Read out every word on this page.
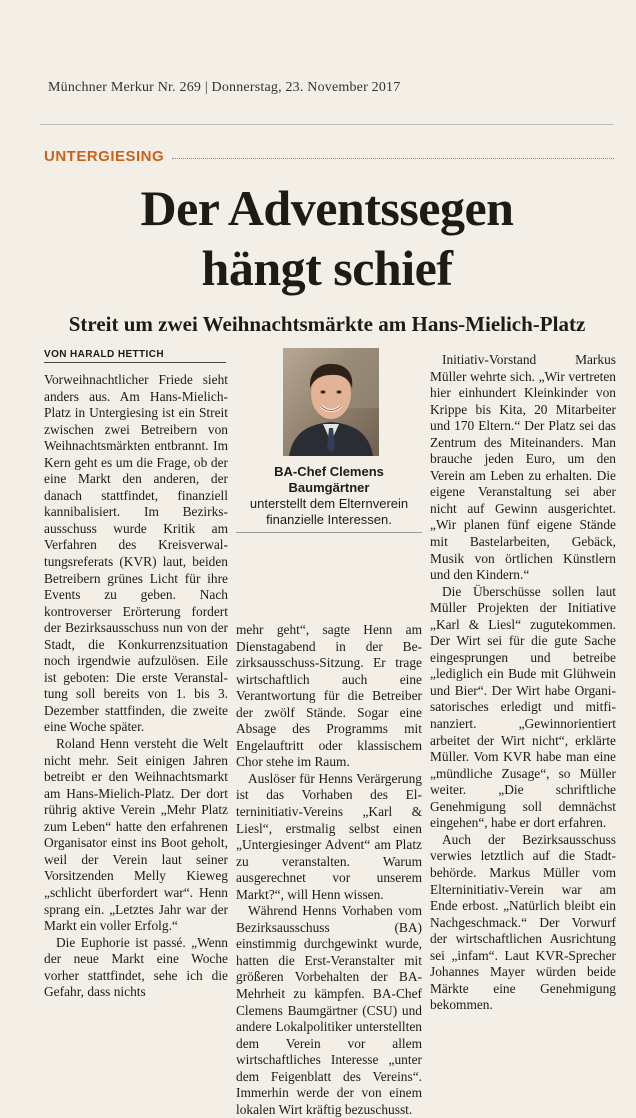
Münchner Merkur Nr. 269 | Donnerstag, 23. November 2017
UNTERGIESING
Der Adventssegen
hängt schief
Streit um zwei Weihnachtsmärkte am Hans-Mielich-Platz
VON HARALD HETTICH

Vorweihnachtlicher Friede sieht anders aus. Am Hans-Mielich-Platz in Untergiesing ist ein Streit zwischen zwei Betreibern von Weihnachtsmärkten entbrannt. Im Kern geht es um die Frage, ob der eine Markt den anderen, der danach stattfindet, finanziell kannibalisiert. Im Bezirksausschuss wurde Kritik am Verfahren des Kreisverwaltungsreferats (KVR) laut, beiden Betreibern grünes Licht für ihre Events zu geben. Nach kontroverser Erörterung fordert der Bezirksausschuss nun von der Stadt, die Konkurrenzsituation noch irgendwie aufzulösen. Eile ist geboten: Die erste Veranstaltung soll bereits von 1. bis 3. Dezember stattfinden, die zweite eine Woche später.

Roland Henn versteht die Welt nicht mehr. Seit einigen Jahren betreibt er den Weihnachtsmarkt am Hans-Mielich-Platz. Der dort rührig aktive Verein „Mehr Platz zum Leben“ hatte den erfahrenen Organisator einst ins Boot geholt, weil der Verein laut seiner Vorsitzenden Melly Kieweg „schlicht überfordert war“. Henn sprang ein. „Letztes Jahr war der Markt ein voller Erfolg.“

Die Euphorie ist passé. „Wenn der neue Markt eine Woche vorher stattfindet, sehe ich die Gefahr, dass nichts

BA-Chef Clemens Baumgärtner
unterstellt dem Elternverein finanzielle Interessen.

mehr geht“, sagte Henn am Dienstagabend in der Bezirksausschuss-Sitzung. Er trage wirtschaftlich auch eine Verantwortung für die Betreiber der zwölf Stände. Sogar eine Absage des Programms mit Engelauftritt oder klassischem Chor stehe im Raum.

Auslöser für Henns Verärgerung ist das Vorhaben des Elterninitiativ-Vereins „Karl & Liesl“, erstmalig selbst einen „Untergiesinger Advent“ am Platz zu veranstalten. Warum ausgerechnet vor unserem Markt?“, will Henn wissen.

Während Henns Vorhaben vom Bezirksausschuss (BA) einstimmig durchgewinkt wurde, hatten die Erst-Veranstalter mit größeren Vorbehalten der BA-Mehrheit zu kämpfen. BA-Chef Clemens Baumgärtner (CSU) und andere Lokalpolitiker unterstellten dem Verein vor allem wirtschaftliches Interesse „unter dem Feigenblatt des Vereins“. Immerhin werde der von einem lokalen Wirt kräftig bezuschusst.

Initiativ-Vorstand Markus Müller wehrte sich. „Wir vertreten hier einhundert Kleinkinder von Krippe bis Kita, 20 Mitarbeiter und 170 Eltern.“ Der Platz sei das Zentrum des Miteinanders. Man brauche jeden Euro, um den Verein am Leben zu erhalten. Die eigene Veranstaltung sei aber nicht auf Gewinn ausgerichtet. „Wir planen fünf eigene Stände mit Bastelarbeiten, Gebäck, Musik von örtlichen Künstlern und den Kindern.“

Die Überschüsse sollen laut Müller Projekten der Initiative „Karl & Liesl“ zugutekommen. Der Wirt sei für die gute Sache eingesprungen und betreibe „lediglich ein Bude mit Glühwein und Bier“. Der Wirt habe Organisatorisches erledigt und mitfinanziert. „Gewinnorientiert arbeitet der Wirt nicht“, erklärte Müller. Vom KVR habe man eine „mündliche Zusage“, so Müller weiter. „Die schriftliche Genehmigung soll demnächst eingehen“, habe er dort erfahren.

Auch der Bezirksausschuss verwies letztlich auf die Stadtbehörde. Markus Müller vom Elterninitiativ-Verein war am Ende erbost. „Natürlich bleibt ein Nachgeschmack.“ Der Vorwurf der wirtschaftlichen Ausrichtung sei „infam“. Laut KVR-Sprecher Johannes Mayer würden beide Märkte eine Genehmigung bekommen.
